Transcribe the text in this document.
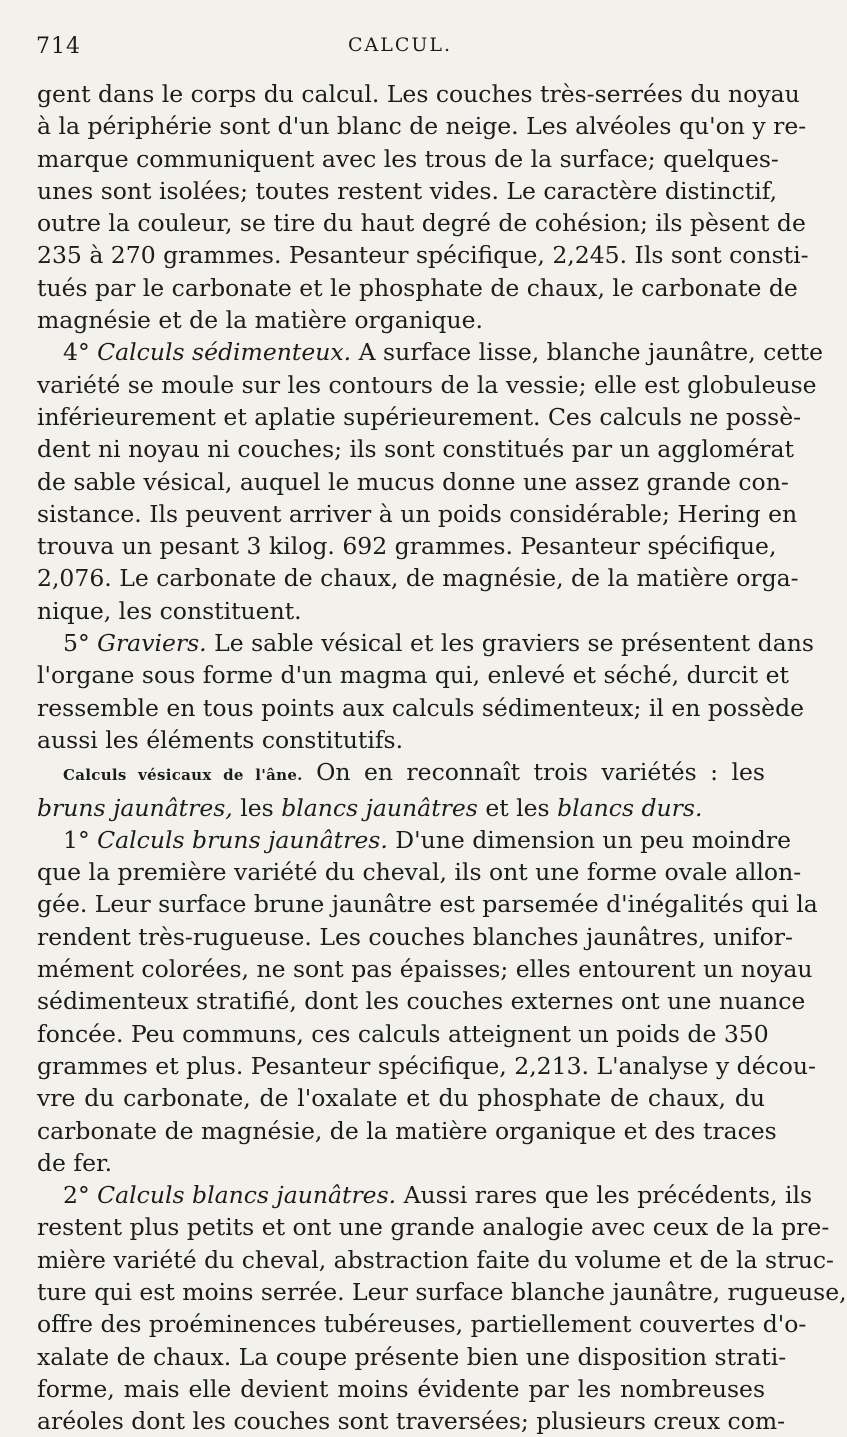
714	CALCUL.
gent dans le corps du calcul. Les couches très-serrées du noyau
à la périphérie sont d'un blanc de neige. Les alvéoles qu'on y re-
marque communiquent avec les trous de la surface; quelques-
unes sont isolées; toutes restent vides. Le caractère distinctif,
outre la couleur, se tire du haut degré de cohésion; ils pèsent de
235 à 270 grammes. Pesanteur spécifique, 2,245. Ils sont consti-
tués par le carbonate et le phosphate de chaux, le carbonate de
magnésie et de la matière organique.
4° Calculs sédimenteux. A surface lisse, blanche jaunâtre, cette
variété se moule sur les contours de la vessie; elle est globuleuse
inférieurement et aplatie supérieurement. Ces calculs ne possè-
dent ni noyau ni couches; ils sont constitués par un agglomérat
de sable vésical, auquel le mucus donne une assez grande con-
sistance. Ils peuvent arriver à un poids considérable; Hering en
trouva un pesant 3 kilog. 692 grammes. Pesanteur spécifique,
2,076. Le carbonate de chaux, de magnésie, de la matière orga-
nique, les constituent.
5° Graviers. Le sable vésical et les graviers se présentent dans
l'organe sous forme d'un magma qui, enlevé et séché, durcit et
ressemble en tous points aux calculs sédimenteux; il en possède
aussi les éléments constitutifs.
Calculs vésicaux de l'âne. On en reconnaît trois variétés : les
bruns jaunâtres, les blancs jaunâtres et les blancs durs.
1° Calculs bruns jaunâtres. D'une dimension un peu moindre
que la première variété du cheval, ils ont une forme ovale allon-
gée. Leur surface brune jaunâtre est parsemée d'inégalités qui la
rendent très-rugueuse. Les couches blanches jaunâtres, unifor-
mément colorées, ne sont pas épaisses; elles entourent un noyau
sédimenteux stratifié, dont les couches externes ont une nuance
foncée. Peu communs, ces calculs atteignent un poids de 350
grammes et plus. Pesanteur spécifique, 2,213. L'analyse y décou-
vre du carbonate, de l'oxalate et du phosphate de chaux, du
carbonate de magnésie, de la matière organique et des traces
de fer.
2° Calculs blancs jaunâtres. Aussi rares que les précédents, ils
restent plus petits et ont une grande analogie avec ceux de la pre-
mière variété du cheval, abstraction faite du volume et de la struc-
ture qui est moins serrée. Leur surface blanche jaunâtre, rugueuse,
offre des proéminences tubéreuses, partiellement couvertes d'o-
xalate de chaux. La coupe présente bien une disposition strati-
forme, mais elle devient moins évidente par les nombreuses
aréoles dont les couches sont traversées; plusieurs creux com-
